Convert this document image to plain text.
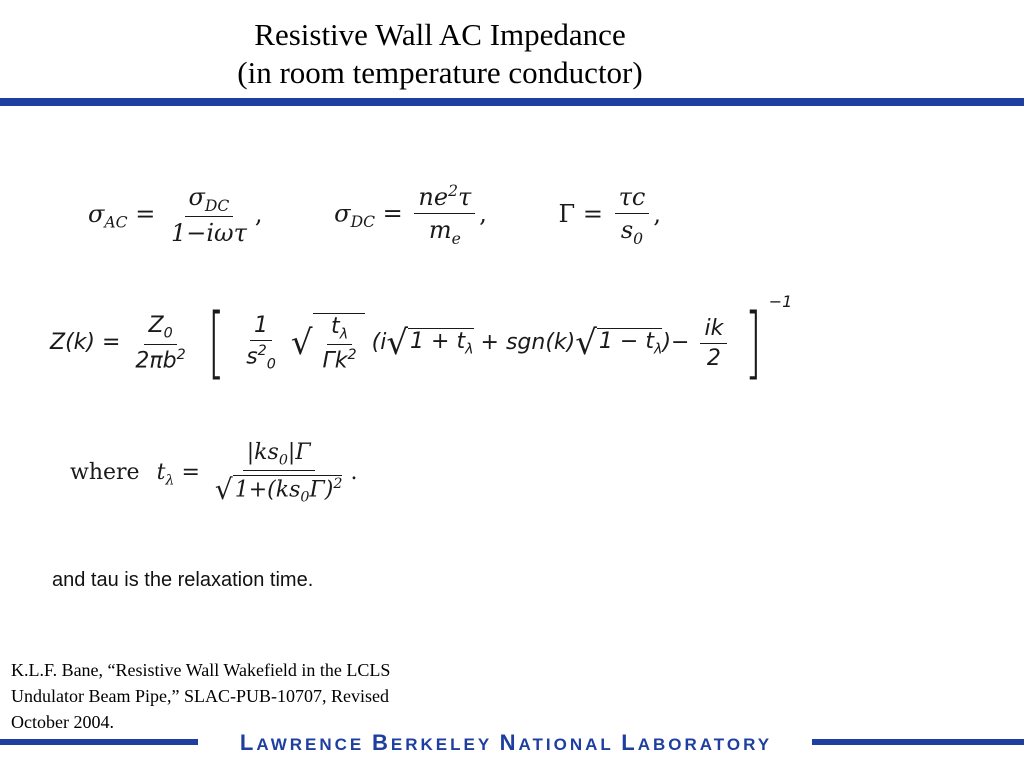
Resistive Wall AC Impedance
(in room temperature conductor)
$\sigma_{AC} = \frac{\sigma_{DC}}{\text{1−iωτ}}$ ,	$\sigma_{DC} = \frac{ne^2\tau}{m_e}$ ,	$\Gamma = \frac{\tau c}{s_0}$ ,
$Z(k) = \frac{Z_0}{2\pi b^2}$ [ $\frac{1}{s^2_0}$ √ $\frac{t_\lambda}{\Gamma k^2} (i√1 + t_\lambda + sgn(k)√1 - t_\lambda)- \frac{ik}{2}$ ] $^{-1}$
where $t_\lambda = \frac{|ks_0|\Gamma}{√1+(ks_0\Gamma)^2}$ .
and tau is the relaxation time.
K.L.F. Bane, “Resistive Wall Wakefield in the LCLS
Undulator Beam Pipe,” SLAC-PUB-10707, Revised
October 2004.
LAWRENCE BERKELEY NATIONAL LABORATORY
